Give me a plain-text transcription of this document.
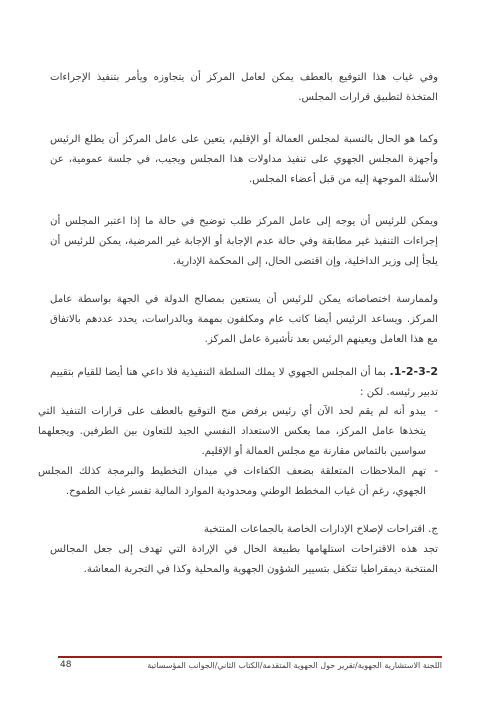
وفي غياب هذا التوقيع بالعطف يمكن لعامل المركز أن يتجاوزه ويأمر بتنفيذ الإجراءات المتخذة لتطبيق قرارات المجلس.

وكما هو الحال بالنسبة لمجلس العمالة أو الإقليم، يتعين على عامل المركز أن يطلع الرئيس وأجهزة المجلس الجهوي على تنفيذ مداولات هذا المجلس ويجيب، في جلسة عمومية، عن الأسئلة الموجهة إليه من قبل أعضاء المجلس.

ويمكن للرئيس أن يوجه إلى عامل المركز طلب توضيح في حالة ما إذا اعتبر المجلس أن إجراءات التنفيذ غير مطابقة وفي حالة عدم الإجابة أو الإجابة غير المرضية، يمكن للرئيس أن يلجأ إلى وزير الداخلية، وإن اقتضى الحال، إلى المحكمة الإدارية.

ولممارسة اختصاصاته يمكن للرئيس أن يستعين بمصالح الدولة في الجهة بواسطة عامل المركز. ويساعد الرئيس أيضا كاتب عام ومكلفون بمهمة وبالدراسات، يحدد عددهم بالاتفاق مع هذا العامل ويعينهم الرئيس بعد تأشيرة عامل المركز.

1-2-3-2. بما أن المجلس الجهوي لا يملك السلطة التنفيذية فلا داعي هنا أيضا للقيام بتقييم تدبير رئيسه. لكن :

- يبدو أنه لم يقم لحد الآن أي رئيس برفض منح التوقيع بالعطف على قرارات التنفيذ التي يتخذها عامل المركز، مما يعكس الاستعداد النفسي الجيد للتعاون بين الطرفين. ويجعلهما سواسين بالتماس مقارنة مع مجلس العمالة أو الإقليم.
- تهم الملاحظات المتعلقة بضعف الكفاءات في ميدان التخطيط والبرمجة كذلك المجلس الجهوي، رغم أن غياب المخطط الوطني ومحدودية الموارد المالية تفسر غياب الطموح.

ج. اقتراحات لإصلاح الإدارات الخاصة بالجماعات المنتخبة

تجد هذه الاقتراحات استلهامها بطبيعة الحال في الإرادة التي تهدف إلى جعل المجالس المنتخبة ديمقراطيا تتكفل بتسيير الشؤون الجهوية والمحلية وكذا في التجربة المعاشة.

اللجنة الاستشارية الجهوية/تقرير حول الجهوية المتقدمة/الكتاب الثاني/الجوانب المؤسساتية
48
